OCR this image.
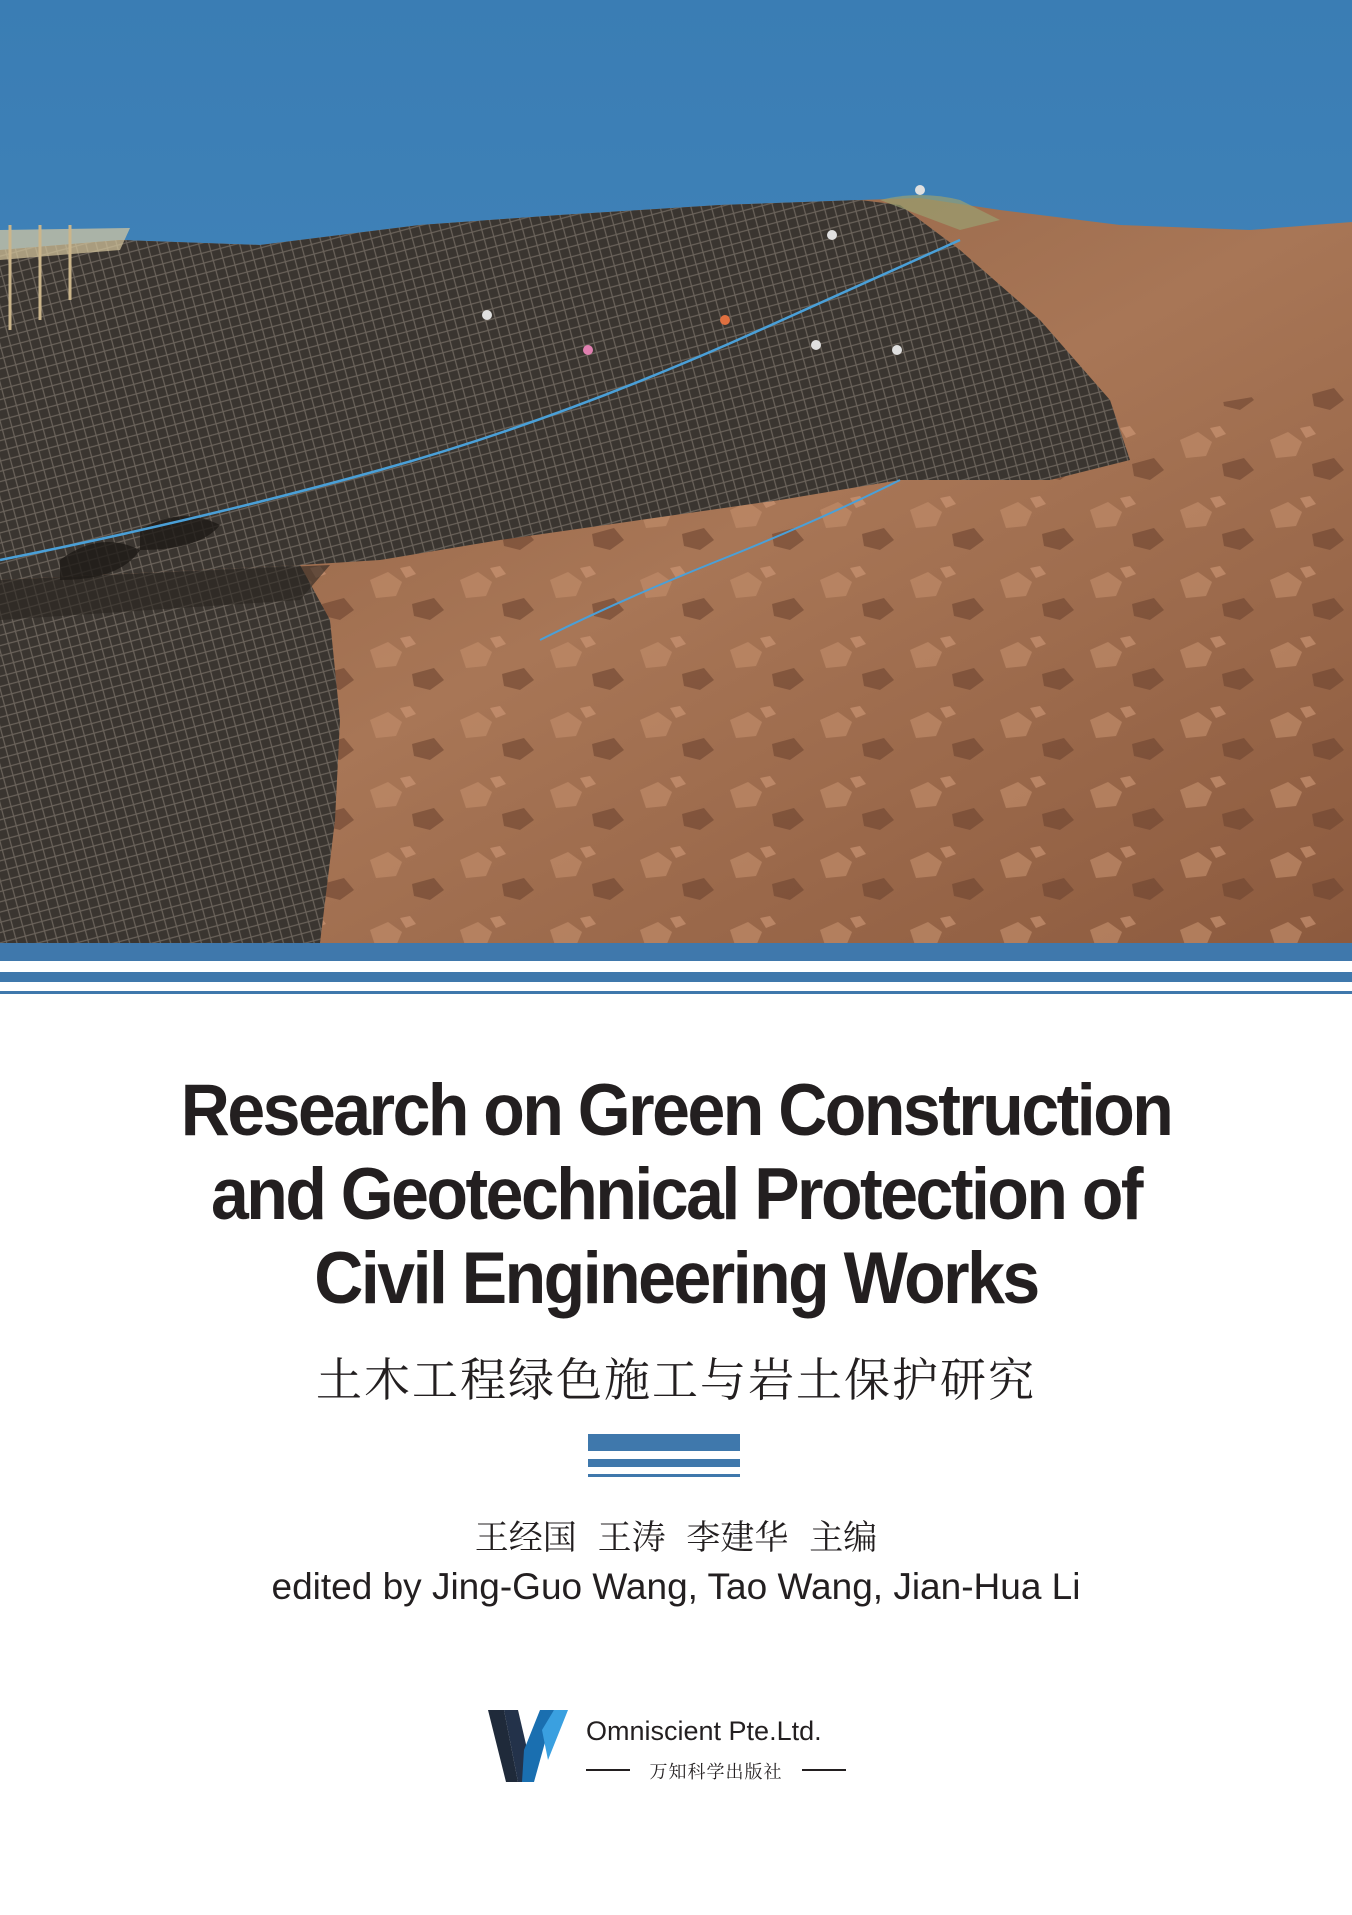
Research on Green Construction
and Geotechnical Protection of
Civil Engineering Works
土木工程绿色施工与岩土保护研究
王经国 王涛 李建华 主编
edited by Jing-Guo Wang, Tao Wang, Jian-Hua Li
Omniscient Pte.Ltd.
万知科学出版社
